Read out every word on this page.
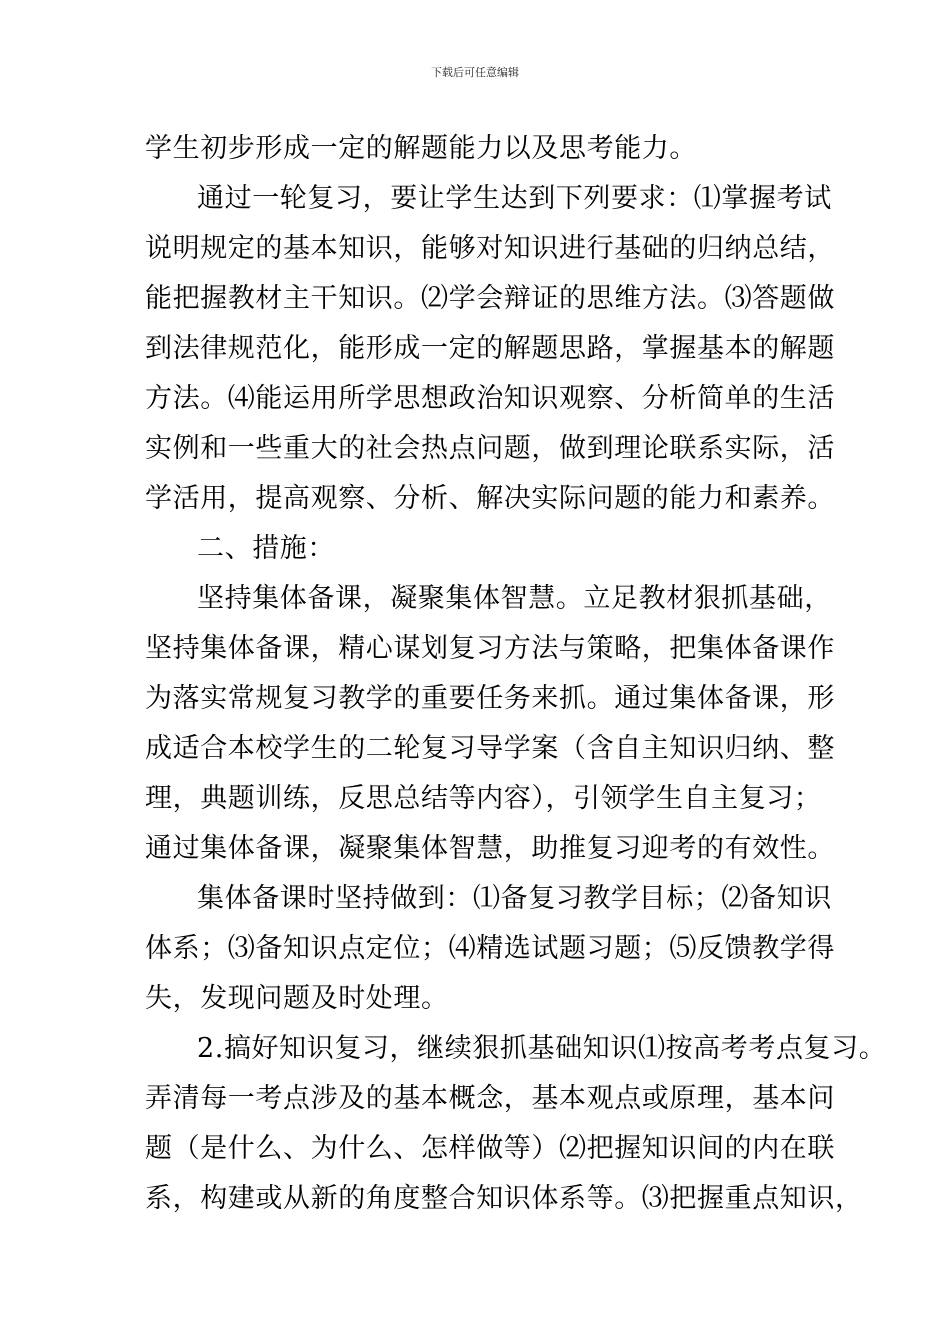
下载后可任意编辑
学生初步形成一定的解题能力以及思考能力。
通过一轮复习，要让学生达到下列要求：⑴掌握考试
说明规定的基本知识，能够对知识进行基础的归纳总结，
能把握教材主干知识。⑵学会辩证的思维方法。⑶答题做
到法律规范化，能形成一定的解题思路，掌握基本的解题
方法。⑷能运用所学思想政治知识观察、分析简单的生活
实例和一些重大的社会热点问题，做到理论联系实际，活
学活用，提高观察、分析、解决实际问题的能力和素养。
二、措施：
坚持集体备课，凝聚集体智慧。立足教材狠抓基础，
坚持集体备课，精心谋划复习方法与策略，把集体备课作
为落实常规复习教学的重要任务来抓。通过集体备课，形
成适合本校学生的二轮复习导学案（含自主知识归纳、整
理，典题训练，反思总结等内容），引领学生自主复习；
通过集体备课，凝聚集体智慧，助推复习迎考的有效性。
集体备课时坚持做到：⑴备复习教学目标；⑵备知识
体系；⑶备知识点定位；⑷精选试题习题；⑸反馈教学得
失，发现问题及时处理。
2.搞好知识复习，继续狠抓基础知识⑴按高考考点复习。
弄清每一考点涉及的基本概念，基本观点或原理，基本问
题（是什么、为什么、怎样做等）⑵把握知识间的内在联
系，构建或从新的角度整合知识体系等。⑶把握重点知识，
